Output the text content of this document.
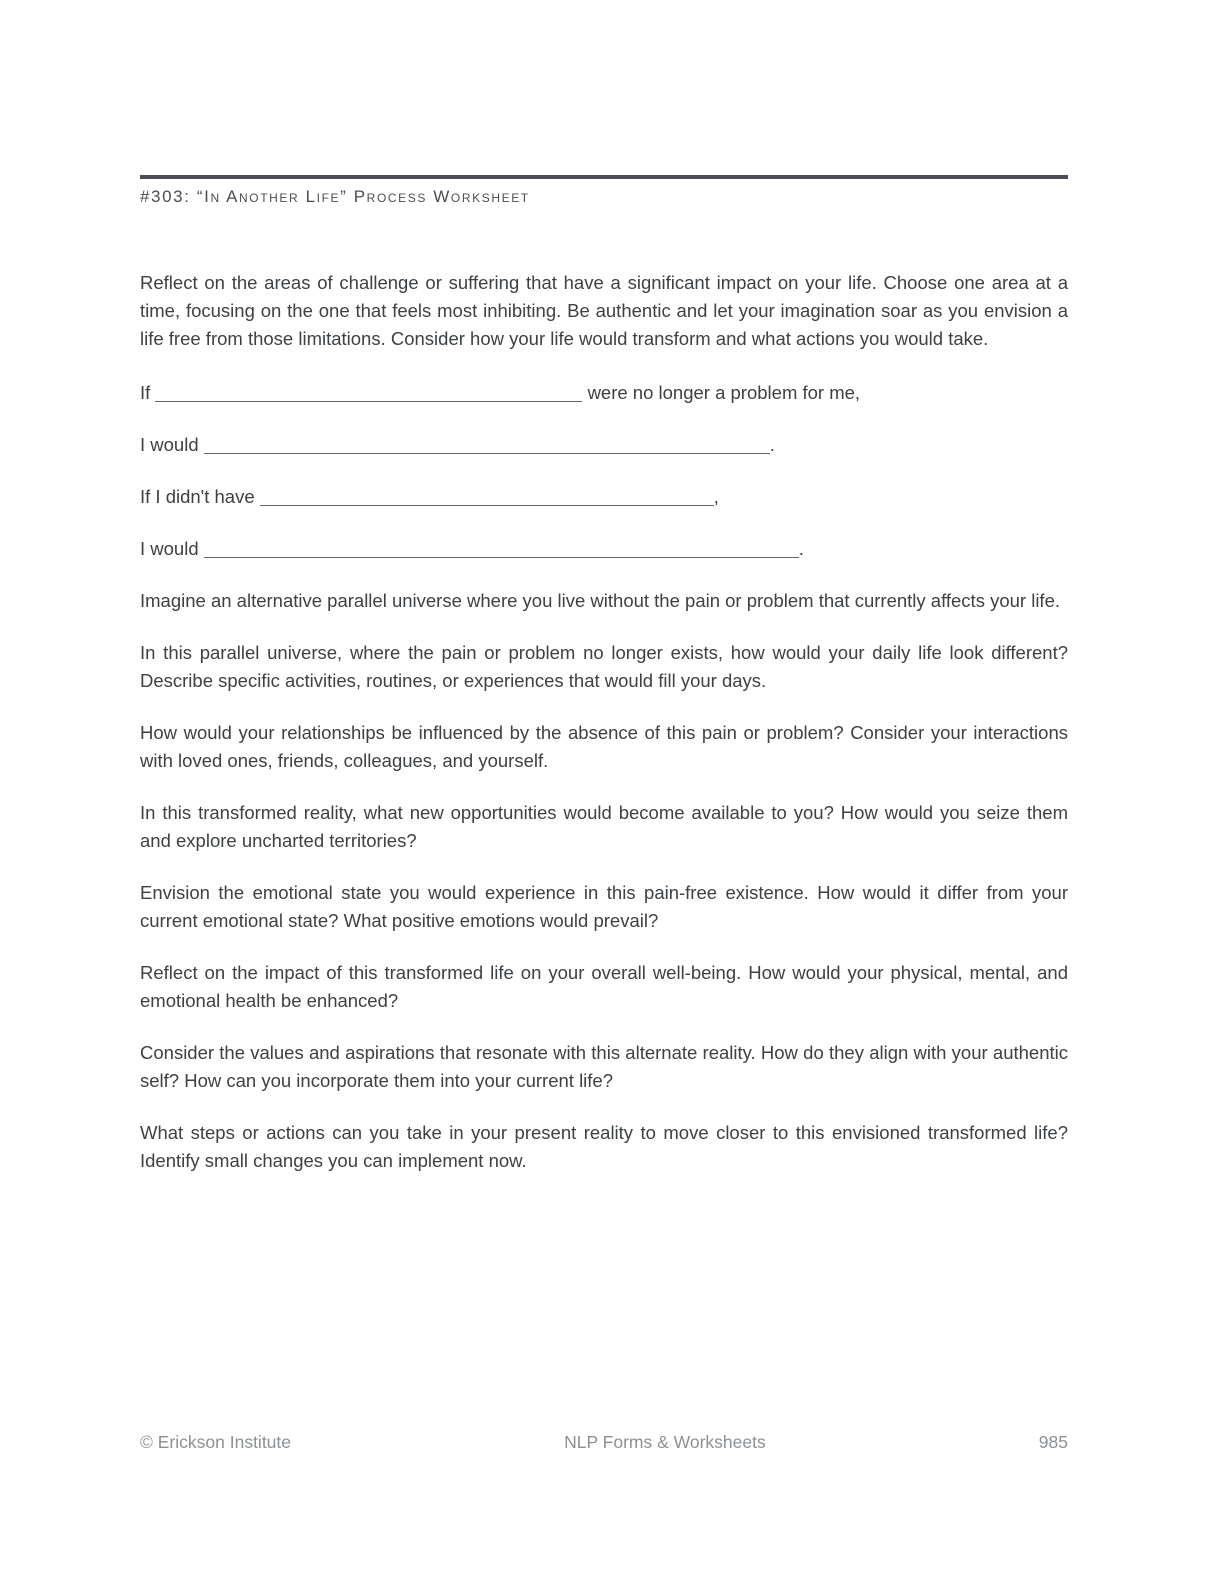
#303: “In Another Life” Process Worksheet

Reflect on the areas of challenge or suffering that have a significant impact on your life. Choose one area at a time, focusing on the one that feels most inhibiting. Be authentic and let your imagination soar as you envision a life free from those limitations. Consider how your life would transform and what actions you would take.

If	were no longer a problem for me,
I would	.
If I didn't have	,
I would	.

Imagine an alternative parallel universe where you live without the pain or problem that currently affects your life.

In this parallel universe, where the pain or problem no longer exists, how would your daily life look different? Describe specific activities, routines, or experiences that would fill your days.

How would your relationships be influenced by the absence of this pain or problem? Consider your interactions with loved ones, friends, colleagues, and yourself.

In this transformed reality, what new opportunities would become available to you? How would you seize them and explore uncharted territories?

Envision the emotional state you would experience in this pain-free existence. How would it differ from your current emotional state? What positive emotions would prevail?

Reflect on the impact of this transformed life on your overall well-being. How would your physical, mental, and emotional health be enhanced?

Consider the values and aspirations that resonate with this alternate reality. How do they align with your authentic self? How can you incorporate them into your current life?

What steps or actions can you take in your present reality to move closer to this envisioned transformed life? Identify small changes you can implement now.

© Erickson Institute	NLP Forms & Worksheets	985
